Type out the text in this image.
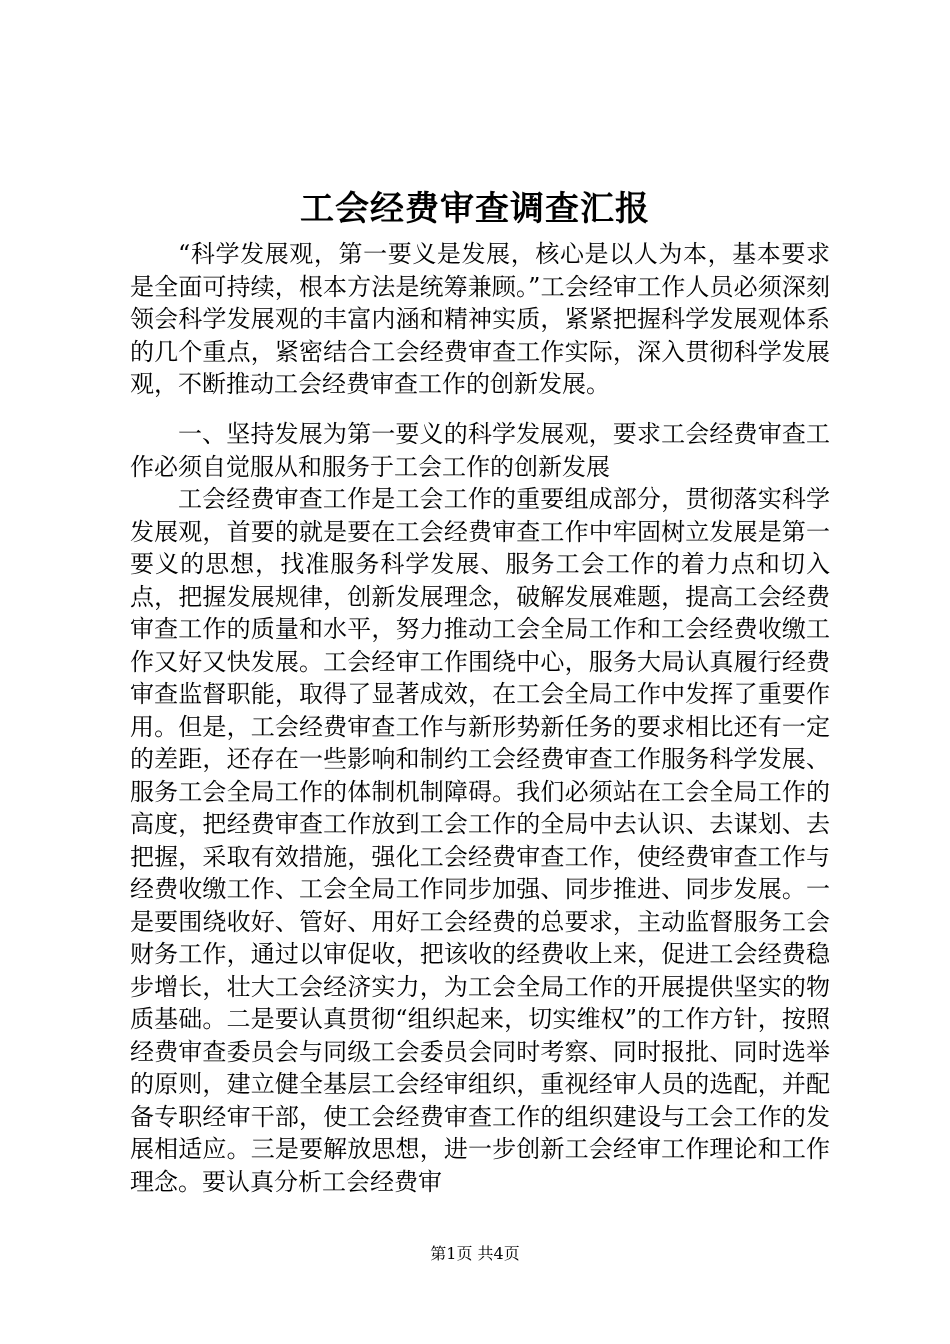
工会经费审查调查汇报

“科学发展观，第一要义是发展，核心是以人为本，基本要求是全面可持续，根本方法是统筹兼顾。”工会经审工作人员必须深刻领会科学发展观的丰富内涵和精神实质，紧紧把握科学发展观体系的几个重点，紧密结合工会经费审查工作实际，深入贯彻科学发展观，不断推动工会经费审查工作的创新发展。

一、坚持发展为第一要义的科学发展观，要求工会经费审查工作必须自觉服从和服务于工会工作的创新发展

工会经费审查工作是工会工作的重要组成部分，贯彻落实科学发展观，首要的就是要在工会经费审查工作中牢固树立发展是第一要义的思想，找准服务科学发展、服务工会工作的着力点和切入点，把握发展规律，创新发展理念，破解发展难题，提高工会经费审查工作的质量和水平，努力推动工会全局工作和工会经费收缴工作又好又快发展。工会经审工作围绕中心，服务大局认真履行经费审查监督职能，取得了显著成效，在工会全局工作中发挥了重要作用。但是，工会经费审查工作与新形势新任务的要求相比还有一定的差距，还存在一些影响和制约工会经费审查工作服务科学发展、服务工会全局工作的体制机制障碍。我们必须站在工会全局工作的高度，把经费审查工作放到工会工作的全局中去认识、去谋划、去把握，采取有效措施，强化工会经费审查工作，使经费审查工作与经费收缴工作、工会全局工作同步加强、同步推进、同步发展。一是要围绕收好、管好、用好工会经费的总要求，主动监督服务工会财务工作，通过以审促收，把该收的经费收上来，促进工会经费稳步增长，壮大工会经济实力，为工会全局工作的开展提供坚实的物质基础。二是要认真贯彻“组织起来，切实维权”的工作方针，按照经费审查委员会与同级工会委员会同时考察、同时报批、同时选举的原则，建立健全基层工会经审组织，重视经审人员的选配，并配备专职经审干部，使工会经费审查工作的组织建设与工会工作的发展相适应。三是要解放思想，进一步创新工会经审工作理论和工作理念。要认真分析工会经费审

第1页 共4页
